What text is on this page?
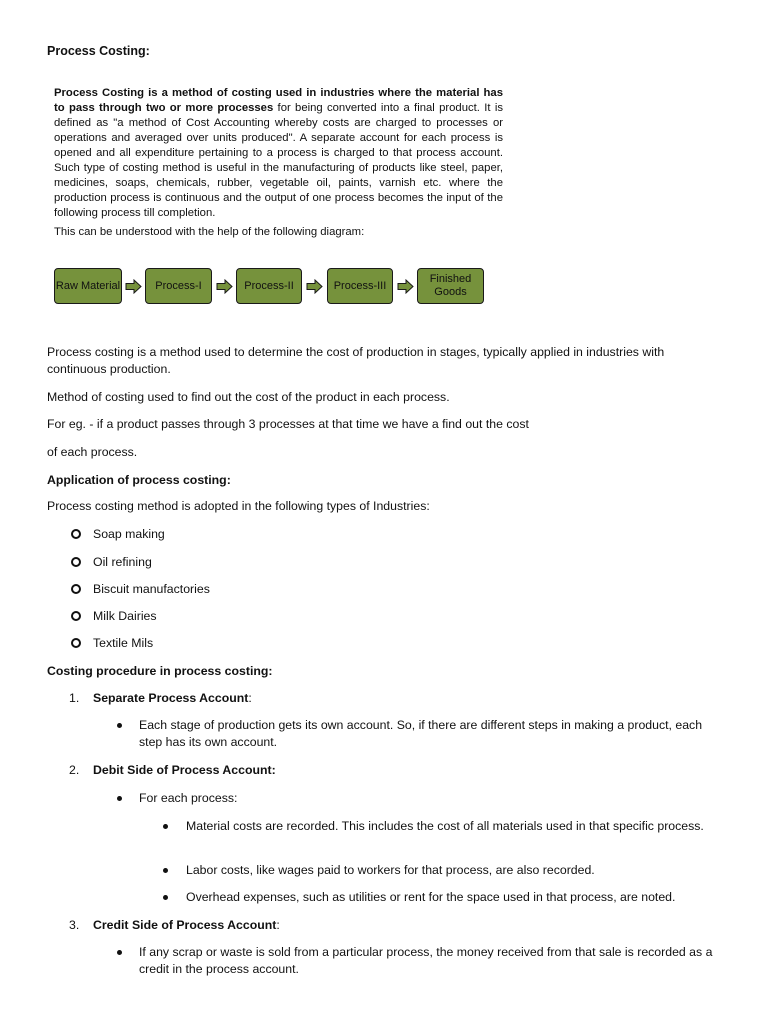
Process Costing:

Process Costing is a method of costing used in industries where the material has to pass through two or more processes for being converted into a final product. It is defined as "a method of Cost Accounting whereby costs are charged to processes or operations and averaged over units produced". A separate account for each process is opened and all expenditure pertaining to a process is charged to that process account. Such type of costing method is useful in the manufacturing of products like steel, paper, medicines, soaps, chemicals, rubber, vegetable oil, paints, varnish etc. where the production process is continuous and the output of one process becomes the input of the following process till completion.

This can be understood with the help of the following diagram:

Raw Material	Process-I	Process-II	Process-III
Finished Goods

Process costing is a method used to determine the cost of production in stages, typically applied in industries with continuous production.

Method of costing used to find out the cost of the product in each process.

For eg. - if a product passes through 3 processes at that time we have a find out the cost

of each process.

Application of process costing:

Process costing method is adopted in the following types of Industries:

Soap making
Oil refining
Biscuit manufactories
Milk Dairies
Textile Mils

Costing procedure in process costing:

1. Separate Process Account:
Each stage of production gets its own account. So, if there are different steps in making a product, each step has its own account.
2. Debit Side of Process Account:
For each process:
Material costs are recorded. This includes the cost of all materials used in that specific process.
Labor costs, like wages paid to workers for that process, are also recorded.
Overhead expenses, such as utilities or rent for the space used in that process, are noted.
3. Credit Side of Process Account:
If any scrap or waste is sold from a particular process, the money received from that sale is recorded as a credit in the process account.
